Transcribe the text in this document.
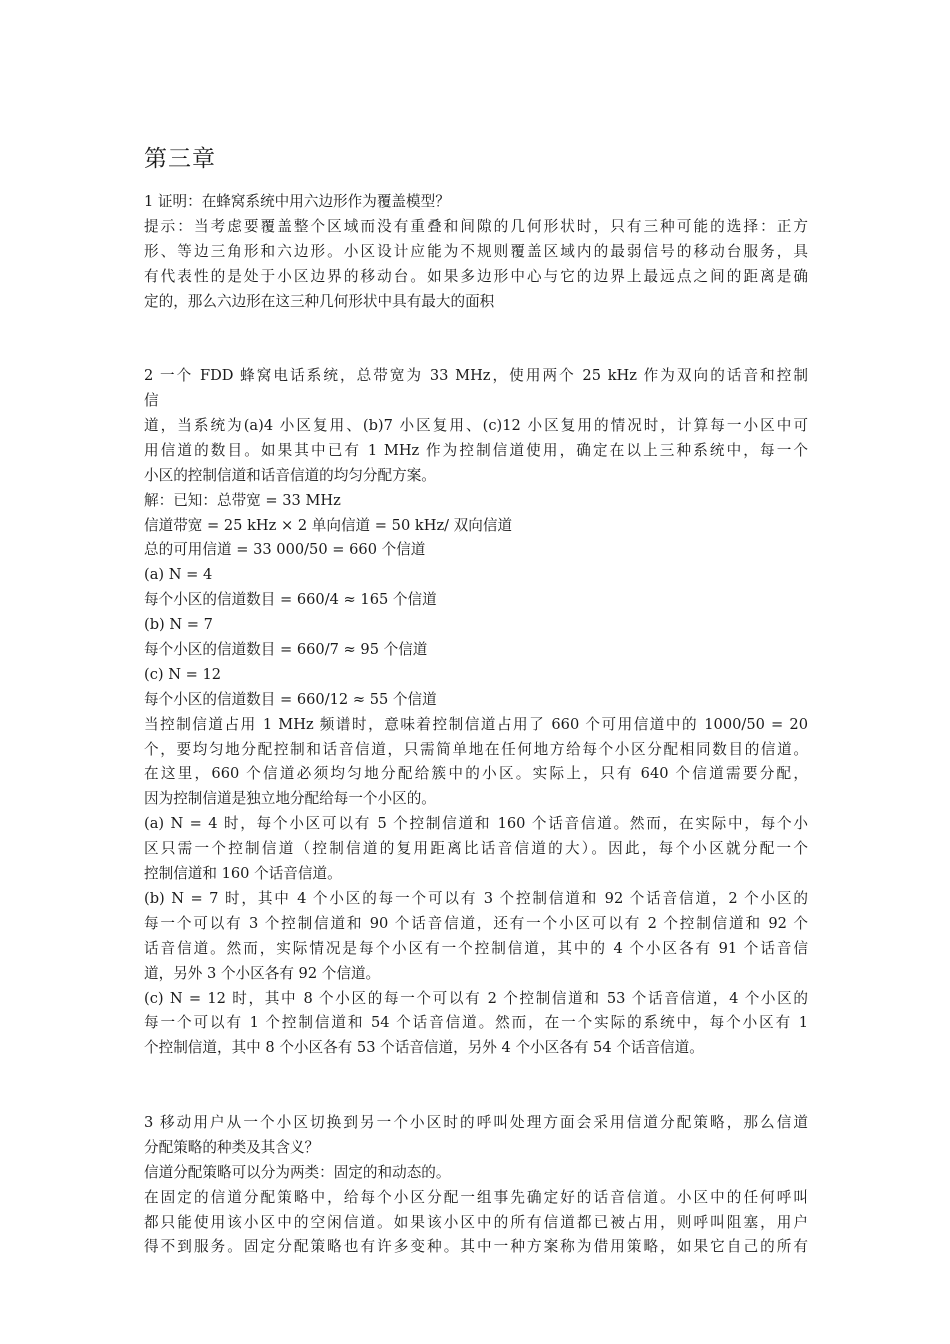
第三章
1 证明：在蜂窝系统中用六边形作为覆盖模型？
提示：当考虑要覆盖整个区域而没有重叠和间隙的几何形状时，只有三种可能的选择：正方
形、等边三角形和六边形。小区设计应能为不规则覆盖区域内的最弱信号的移动台服务，具
有代表性的是处于小区边界的移动台。如果多边形中心与它的边界上最远点之间的距离是确
定的，那么六边形在这三种几何形状中具有最大的面积
2 一个 FDD 蜂窝电话系统，总带宽为 33 MHz，使用两个 25 kHz 作为双向的话音和控制
信
道，当系统为(a)4 小区复用、(b)7 小区复用、(c)12 小区复用的情况时，计算每一小区中可
用信道的数目。如果其中已有 1 MHz 作为控制信道使用，确定在以上三种系统中，每一个
小区的控制信道和话音信道的均匀分配方案。
解：已知：总带宽 = 33 MHz
信道带宽 = 25 kHz × 2 单向信道 = 50 kHz/ 双向信道
总的可用信道 = 33 000/50 = 660 个信道
(a) N = 4
每个小区的信道数目 = 660/4 ≈ 165 个信道
(b) N = 7
每个小区的信道数目 = 660/7 ≈ 95 个信道
(c) N = 12
每个小区的信道数目 = 660/12 ≈ 55 个信道
当控制信道占用 1 MHz 频谱时，意味着控制信道占用了 660 个可用信道中的 1000/50 = 20
个，要均匀地分配控制和话音信道，只需简单地在任何地方给每个小区分配相同数目的信道。
在这里，660 个信道必须均匀地分配给簇中的小区。实际上，只有 640 个信道需要分配，
因为控制信道是独立地分配给每一个小区的。
(a) N = 4 时，每个小区可以有 5 个控制信道和 160 个话音信道。然而，在实际中，每个小
区只需一个控制信道（控制信道的复用距离比话音信道的大）。因此，每个小区就分配一个
控制信道和 160 个话音信道。
(b) N = 7 时，其中 4 个小区的每一个可以有 3 个控制信道和 92 个话音信道，2 个小区的
每一个可以有 3 个控制信道和 90 个话音信道，还有一个小区可以有 2 个控制信道和 92 个
话音信道。然而，实际情况是每个小区有一个控制信道，其中的 4 个小区各有 91 个话音信
道，另外 3 个小区各有 92 个信道。
(c) N = 12 时，其中 8 个小区的每一个可以有 2 个控制信道和 53 个话音信道，4 个小区的
每一个可以有 1 个控制信道和 54 个话音信道。然而，在一个实际的系统中，每个小区有 1
个控制信道，其中 8 个小区各有 53 个话音信道，另外 4 个小区各有 54 个话音信道。
3 移动用户从一个小区切换到另一个小区时的呼叫处理方面会采用信道分配策略，那么信道
分配策略的种类及其含义？
信道分配策略可以分为两类：固定的和动态的。
在固定的信道分配策略中，给每个小区分配一组事先确定好的话音信道。小区中的任何呼叫
都只能使用该小区中的空闲信道。如果该小区中的所有信道都已被占用，则呼叫阻塞，用户
得不到服务。固定分配策略也有许多变种。其中一种方案称为借用策略，如果它自己的所有
